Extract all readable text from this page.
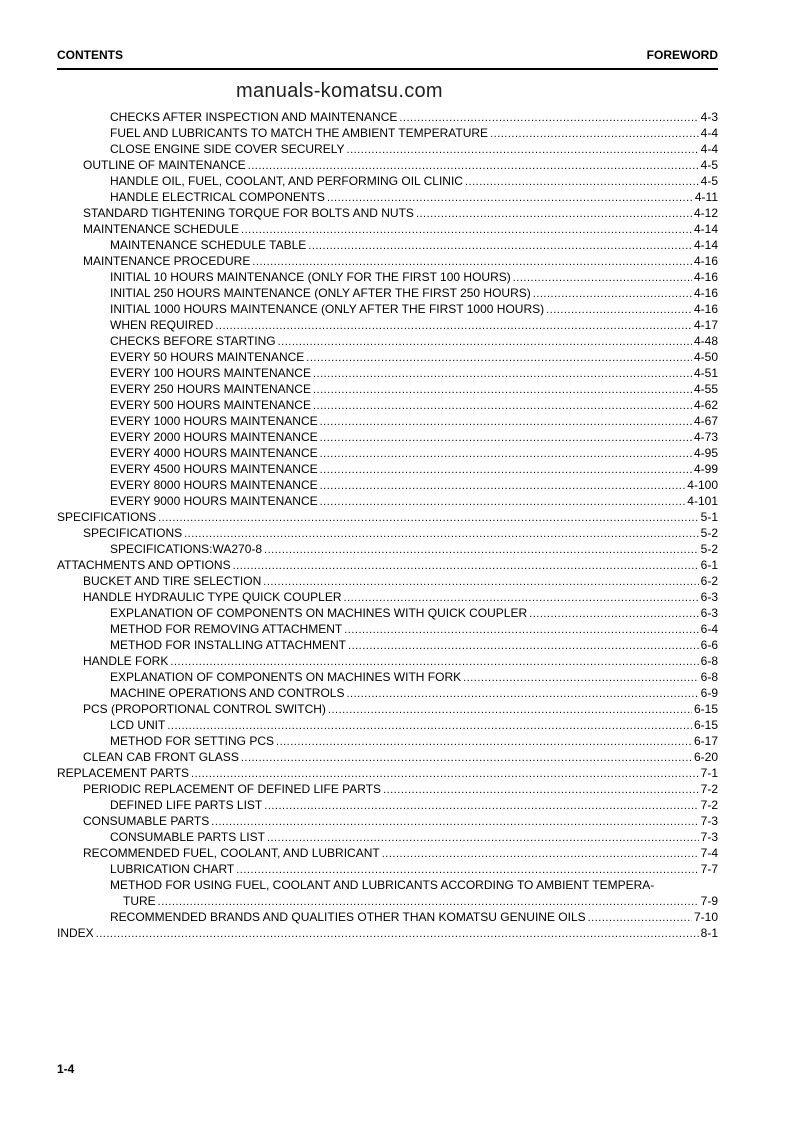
CONTENTS	FOREWORD
manuals-komatsu.com
CHECKS AFTER INSPECTION AND MAINTENANCE .....	4-3
FUEL AND LUBRICANTS TO MATCH THE AMBIENT TEMPERATURE .....	4-4
CLOSE ENGINE SIDE COVER SECURELY .....	4-4
OUTLINE OF MAINTENANCE .....	4-5
HANDLE OIL, FUEL, COOLANT, AND PERFORMING OIL CLINIC .....	4-5
HANDLE ELECTRICAL COMPONENTS .....	4-11
STANDARD TIGHTENING TORQUE FOR BOLTS AND NUTS .....	4-12
MAINTENANCE SCHEDULE .....	4-14
MAINTENANCE SCHEDULE TABLE .....	4-14
MAINTENANCE PROCEDURE .....	4-16
INITIAL 10 HOURS MAINTENANCE (ONLY FOR THE FIRST 100 HOURS) .....	4-16
INITIAL 250 HOURS MAINTENANCE (ONLY AFTER THE FIRST 250 HOURS) .....	4-16
INITIAL 1000 HOURS MAINTENANCE (ONLY AFTER THE FIRST 1000 HOURS) .....	4-16
WHEN REQUIRED .....	4-17
CHECKS BEFORE STARTING .....	4-48
EVERY 50 HOURS MAINTENANCE .....	4-50
EVERY 100 HOURS MAINTENANCE .....	4-51
EVERY 250 HOURS MAINTENANCE .....	4-55
EVERY 500 HOURS MAINTENANCE .....	4-62
EVERY 1000 HOURS MAINTENANCE .....	4-67
EVERY 2000 HOURS MAINTENANCE .....	4-73
EVERY 4000 HOURS MAINTENANCE .....	4-95
EVERY 4500 HOURS MAINTENANCE .....	4-99
EVERY 8000 HOURS MAINTENANCE .....	4-100
EVERY 9000 HOURS MAINTENANCE .....	4-101
SPECIFICATIONS .....	5-1
SPECIFICATIONS .....	5-2
SPECIFICATIONS:WA270-8 .....	5-2
ATTACHMENTS AND OPTIONS .....	6-1
BUCKET AND TIRE SELECTION .....	6-2
HANDLE HYDRAULIC TYPE QUICK COUPLER .....	6-3
EXPLANATION OF COMPONENTS ON MACHINES WITH QUICK COUPLER .....	6-3
METHOD FOR REMOVING ATTACHMENT .....	6-4
METHOD FOR INSTALLING ATTACHMENT .....	6-6
HANDLE FORK .....	6-8
EXPLANATION OF COMPONENTS ON MACHINES WITH FORK .....	6-8
MACHINE OPERATIONS AND CONTROLS .....	6-9
PCS (PROPORTIONAL CONTROL SWITCH) .....	6-15
LCD UNIT .....	6-15
METHOD FOR SETTING PCS .....	6-17
CLEAN CAB FRONT GLASS .....	6-20
REPLACEMENT PARTS .....	7-1
PERIODIC REPLACEMENT OF DEFINED LIFE PARTS .....	7-2
DEFINED LIFE PARTS LIST .....	7-2
CONSUMABLE PARTS .....	7-3
CONSUMABLE PARTS LIST .....	7-3
RECOMMENDED FUEL, COOLANT, AND LUBRICANT .....	7-4
LUBRICATION CHART .....	7-7
METHOD FOR USING FUEL, COOLANT AND LUBRICANTS ACCORDING TO AMBIENT TEMPERA-
TURE .....	7-9
RECOMMENDED BRANDS AND QUALITIES OTHER THAN KOMATSU GENUINE OILS .....	7-10
INDEX .....	8-1
1-4
